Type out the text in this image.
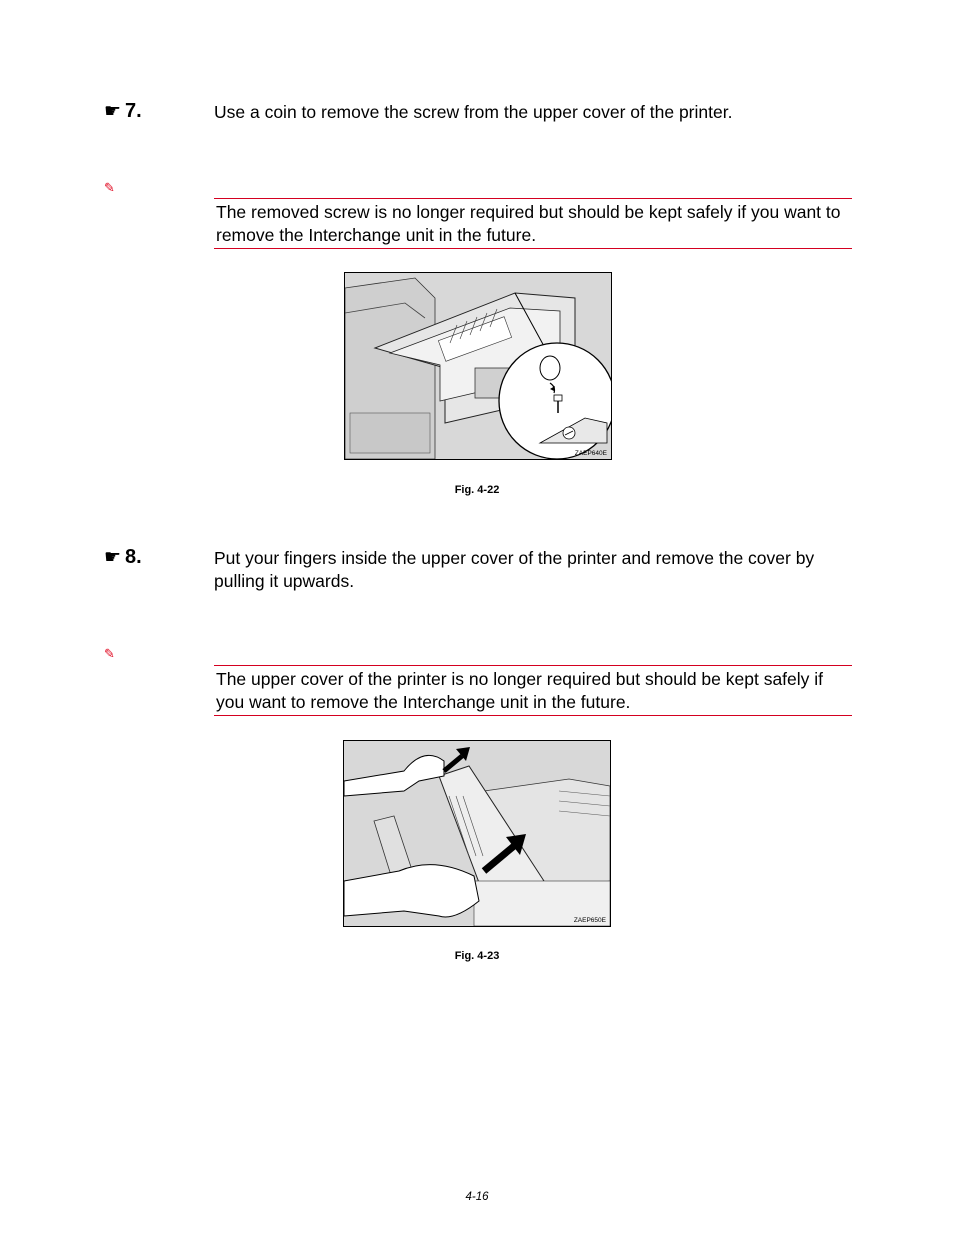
☛ 7.	Use a coin to remove the screw from the upper cover of the printer.
✎
The removed screw is no longer required but should be kept safely if you want to remove the Interchange unit in the future.
ZAEP640E
Fig. 4-22
☛ 8.	Put your fingers inside the upper cover of the printer and remove the cover by pulling it upwards.
✎
The upper cover of the printer is no longer required but should be kept safely if you want to remove the Interchange unit in the future.
ZAEP650E
Fig. 4-23
4-16
